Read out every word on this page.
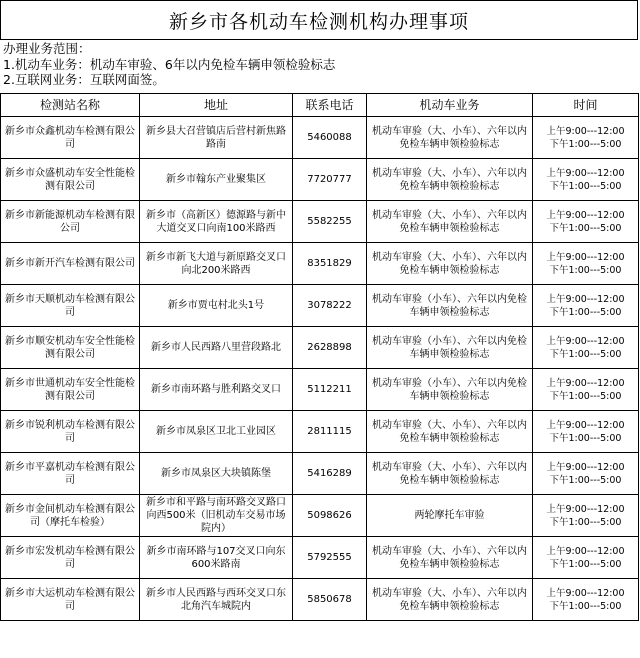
新乡市各机动车检测机构办理事项
办理业务范围：
1.机动车业务：机动车审验、6年以内免检车辆申领检验标志
2.互联网业务：互联网面签。
检测站名称	地址	联系电话	机动车业务	时间
新乡市众鑫机动车检测有限公司	新乡县大召营镇店后营村新焦路路南	5460088	机动车审验（大、小车）、六年以内免检车辆申领检验标志	上午9:00---12:00
下午1:00---5:00

新乡市众盛机动车安全性能检测有限公司	新乡市翰东产业聚集区	7720777	机动车审验（大、小车）、六年以内免检车辆申领检验标志	上午9:00---12:00
下午1:00---5:00

新乡市新能源机动车检测有限公司	新乡市（高新区）德源路与新中大道交叉口向南100米路西	5582255	机动车审验（大、小车）、六年以内免检车辆申领检验标志	上午9:00---12:00
下午1:00---5:00

新乡市新开汽车检测有限公司	新乡市新飞大道与新原路交叉口向北200米路西	8351829	机动车审验（大、小车）、六年以内免检车辆申领检验标志	上午9:00---12:00
下午1:00---5:00

新乡市天顺机动车检测有限公司	新乡市贾屯村北头1号	3078222	机动车审验（小车）、六年以内免检车辆申领检验标志	上午9:00---12:00
下午1:00---5:00

新乡市顺安机动车安全性能检测有限公司	新乡市人民西路八里营段路北	2628898	机动车审验（小车）、六年以内免检车辆申领检验标志	上午9:00---12:00
下午1:00---5:00

新乡市世通机动车安全性能检测有限公司	新乡市南环路与胜利路交叉口	5112211	机动车审验（小车）、六年以内免检车辆申领检验标志	上午9:00---12:00
下午1:00---5:00

新乡市锐利机动车检测有限公司	新乡市凤泉区卫北工业园区	2811115	机动车审验（大、小车）、六年以内免检车辆申领检验标志	上午9:00---12:00
下午1:00---5:00

新乡市平嘉机动车检测有限公司	新乡市凤泉区大块镇陈堡	5416289	机动车审验（大、小车）、六年以内免检车辆申领检验标志	上午9:00---12:00
下午1:00---5:00

新乡市金间机动车检测有限公司（摩托车检验）	新乡市和平路与南环路交叉路口向西500米（旧机动车交易市场院内）	5098626	两轮摩托车审验	上午9:00---12:00
下午1:00---5:00

新乡市宏发机动车检测有限公司	新乡市南环路与107交叉口向东600米路南	5792555	机动车审验（大、小车）、六年以内免检车辆申领检验标志	上午9:00---12:00
下午1:00---5:00

新乡市大运机动车检测有限公司	新乡市人民西路与西环交叉口东北角汽车城院内	5850678	机动车审验（大、小车）、六年以内免检车辆申领检验标志	上午9:00---12:00
下午1:00---5:00
